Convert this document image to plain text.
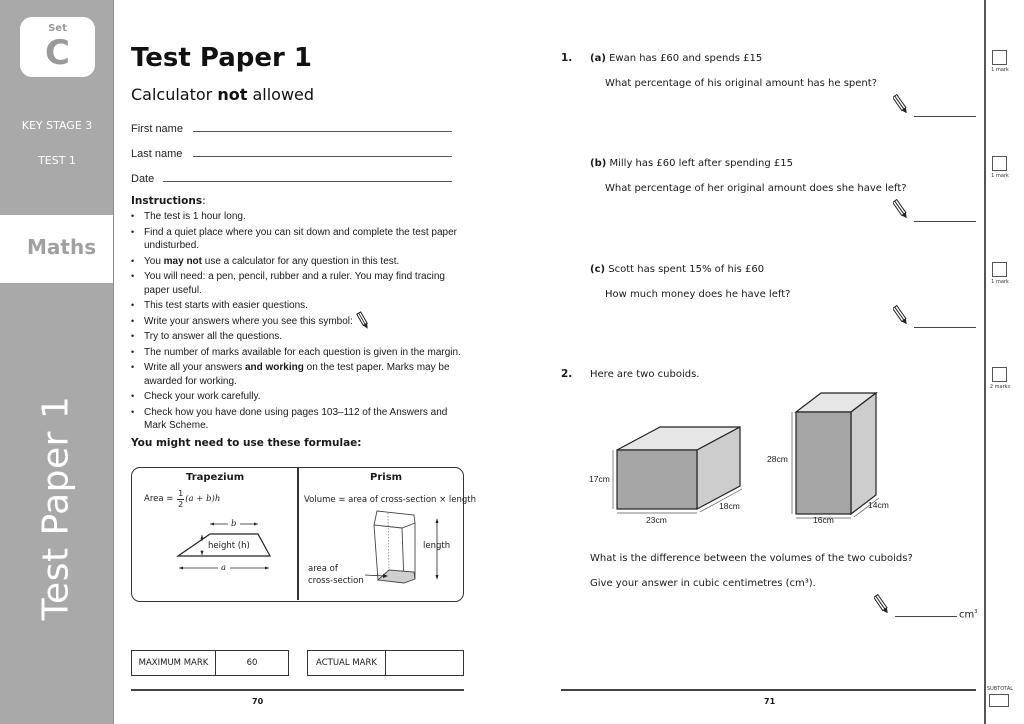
Set
C
KEY STAGE 3
TEST 1
Maths
Test Paper 1
Test Paper 1
Calculator not allowed
First name
Last name
Date
Instructions:
• The test is 1 hour long.
• Find a quiet place where you can sit down and complete the test paper undisturbed.
• You may not use a calculator for any question in this test.
• You will need: a pen, pencil, rubber and a ruler. You may find tracing paper useful.
• This test starts with easier questions.
• Write your answers where you see this symbol:
• Try to answer all the questions.
• The number of marks available for each question is given in the margin.
• Write all your answers and working on the test paper. Marks may be awarded for working.
• Check your work carefully.
• Check how you have done using pages 103–112 of the Answers and Mark Scheme.
You might need to use these formulae:
Trapezium
Area = $\frac{1}{2} (a + b)h$
b
a
height (h)
Prism
Volume = area of cross-section × length
length
area of
cross-section
MAXIMUM MARK	60	ACTUAL MARK
70
1. (a) Ewan has £60 and spends £15
What percentage of his original amount has he spent?
1 mark
(b) Milly has £60 left after spending £15
What percentage of her original amount does she have left?
1 mark
(c) Scott has spent 15% of his £60
How much money does he have left?
1 mark
2. Here are two cuboids.
2 marks
17cm
23cm
18cm
28cm
16cm
14cm
What is the difference between the volumes of the two cuboids?
Give your answer in cubic centimetres (cm³).
$cm^3$
71
SUBTOTAL
